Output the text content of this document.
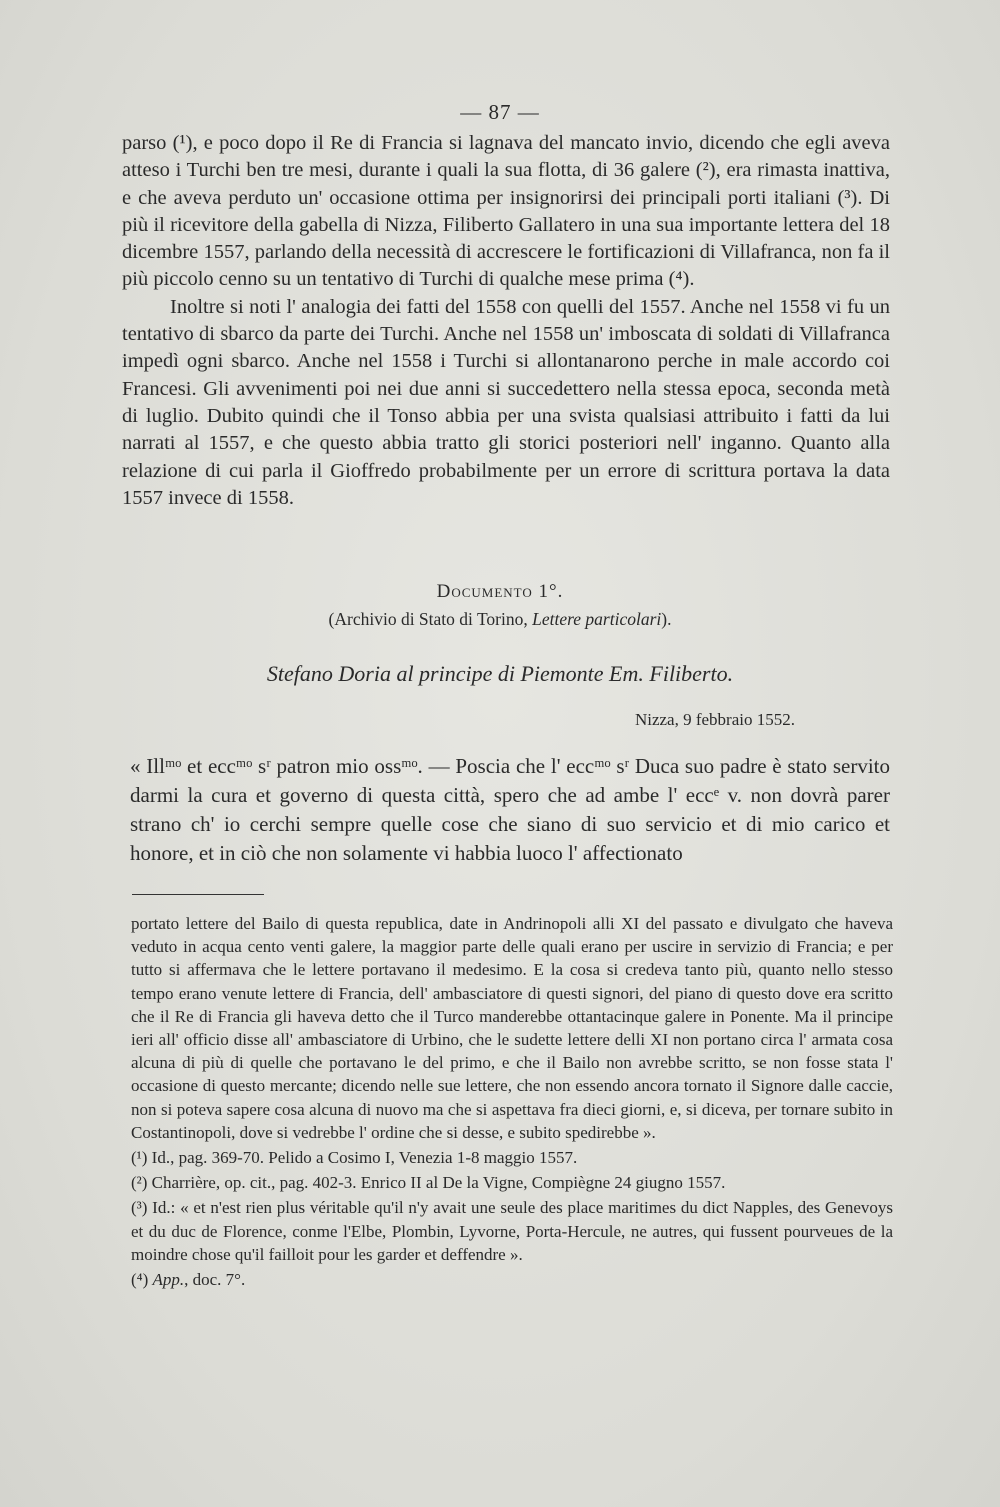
— 87 —

parso (¹), e poco dopo il Re di Francia si lagnava del mancato invio, dicendo che egli aveva atteso i Turchi ben tre mesi, durante i quali la sua flotta, di 36 galere (²), era rimasta inattiva, e che aveva perduto un' occasione ottima per insignorirsi dei principali porti italiani (³). Di più il ricevitore della gabella di Nizza, Filiberto Gallatero in una sua importante lettera del 18 dicembre 1557, parlando della necessità di accrescere le fortificazioni di Villafranca, non fa il più piccolo cenno su un tentativo di Turchi di qualche mese prima (⁴).

Inoltre si noti l' analogia dei fatti del 1558 con quelli del 1557. Anche nel 1558 vi fu un tentativo di sbarco da parte dei Turchi. Anche nel 1558 un' imboscata di soldati di Villafranca impedì ogni sbarco. Anche nel 1558 i Turchi si allontanarono perche in male accordo coi Francesi. Gli avvenimenti poi nei due anni si succedettero nella stessa epoca, seconda metà di luglio. Dubito quindi che il Tonso abbia per una svista qualsiasi attribuito i fatti da lui narrati al 1557, e che questo abbia tratto gli storici posteriori nell' inganno. Quanto alla relazione di cui parla il Gioffredo probabilmente per un errore di scrittura portava la data 1557 invece di 1558.

Documento 1°.
(Archivio di Stato di Torino, Lettere particolari).
Stefano Doria al principe di Piemonte Em. Filiberto.
Nizza, 9 febbraio 1552.

« Illᵐᵒ et eccᵐᵒ sʳ patron mio ossᵐᵒ. — Poscia che l' eccᵐᵒ sʳ Duca suo padre è stato servito darmi la cura et governo di questa città, spero che ad ambe l' eccᵉ v. non dovrà parer strano ch' io cerchi sempre quelle cose che siano di suo servicio et di mio carico et honore, et in ciò che non solamente vi habbia luoco l' affectionato

portato lettere del Bailo di questa republica, date in Andrinopoli alli XI del passato e divulgato che haveva veduto in acqua cento venti galere, la maggior parte delle quali erano per uscire in servizio di Francia; e per tutto si affermava che le lettere portavano il medesimo. E la cosa si credeva tanto più, quanto nello stesso tempo erano venute lettere di Francia, dell' ambasciatore di questi signori, del piano di questo dove era scritto che il Re di Francia gli haveva detto che il Turco manderebbe ottantacinque galere in Ponente. Ma il principe ieri all' officio disse all' ambasciatore di Urbino, che le sudette lettere delli XI non portano circa l' armata cosa alcuna di più di quelle che portavano le del primo, e che il Bailo non avrebbe scritto, se non fosse stata l' occasione di questo mercante; dicendo nelle sue lettere, che non essendo ancora tornato il Signore dalle caccie, non si poteva sapere cosa alcuna di nuovo ma che si aspettava fra dieci giorni, e, si diceva, per tornare subito in Costantinopoli, dove si vedrebbe l' ordine che si desse, e subito spedirebbe ».

(¹) Id., pag. 369-70. Pelido a Cosimo I, Venezia 1-8 maggio 1557.

(²) Charrière, op. cit., pag. 402-3. Enrico II al De la Vigne, Compiègne 24 giugno 1557.

(³) Id.: « et n'est rien plus véritable qu'il n'y avait une seule des place maritimes du dict Napples, des Genevoys et du duc de Florence, conme l'Elbe, Plombin, Lyvorne, Porta-Hercule, ne autres, qui fussent pourveues de la moindre chose qu'il failloit pour les garder et deffendre ».

(⁴) App., doc. 7°.
